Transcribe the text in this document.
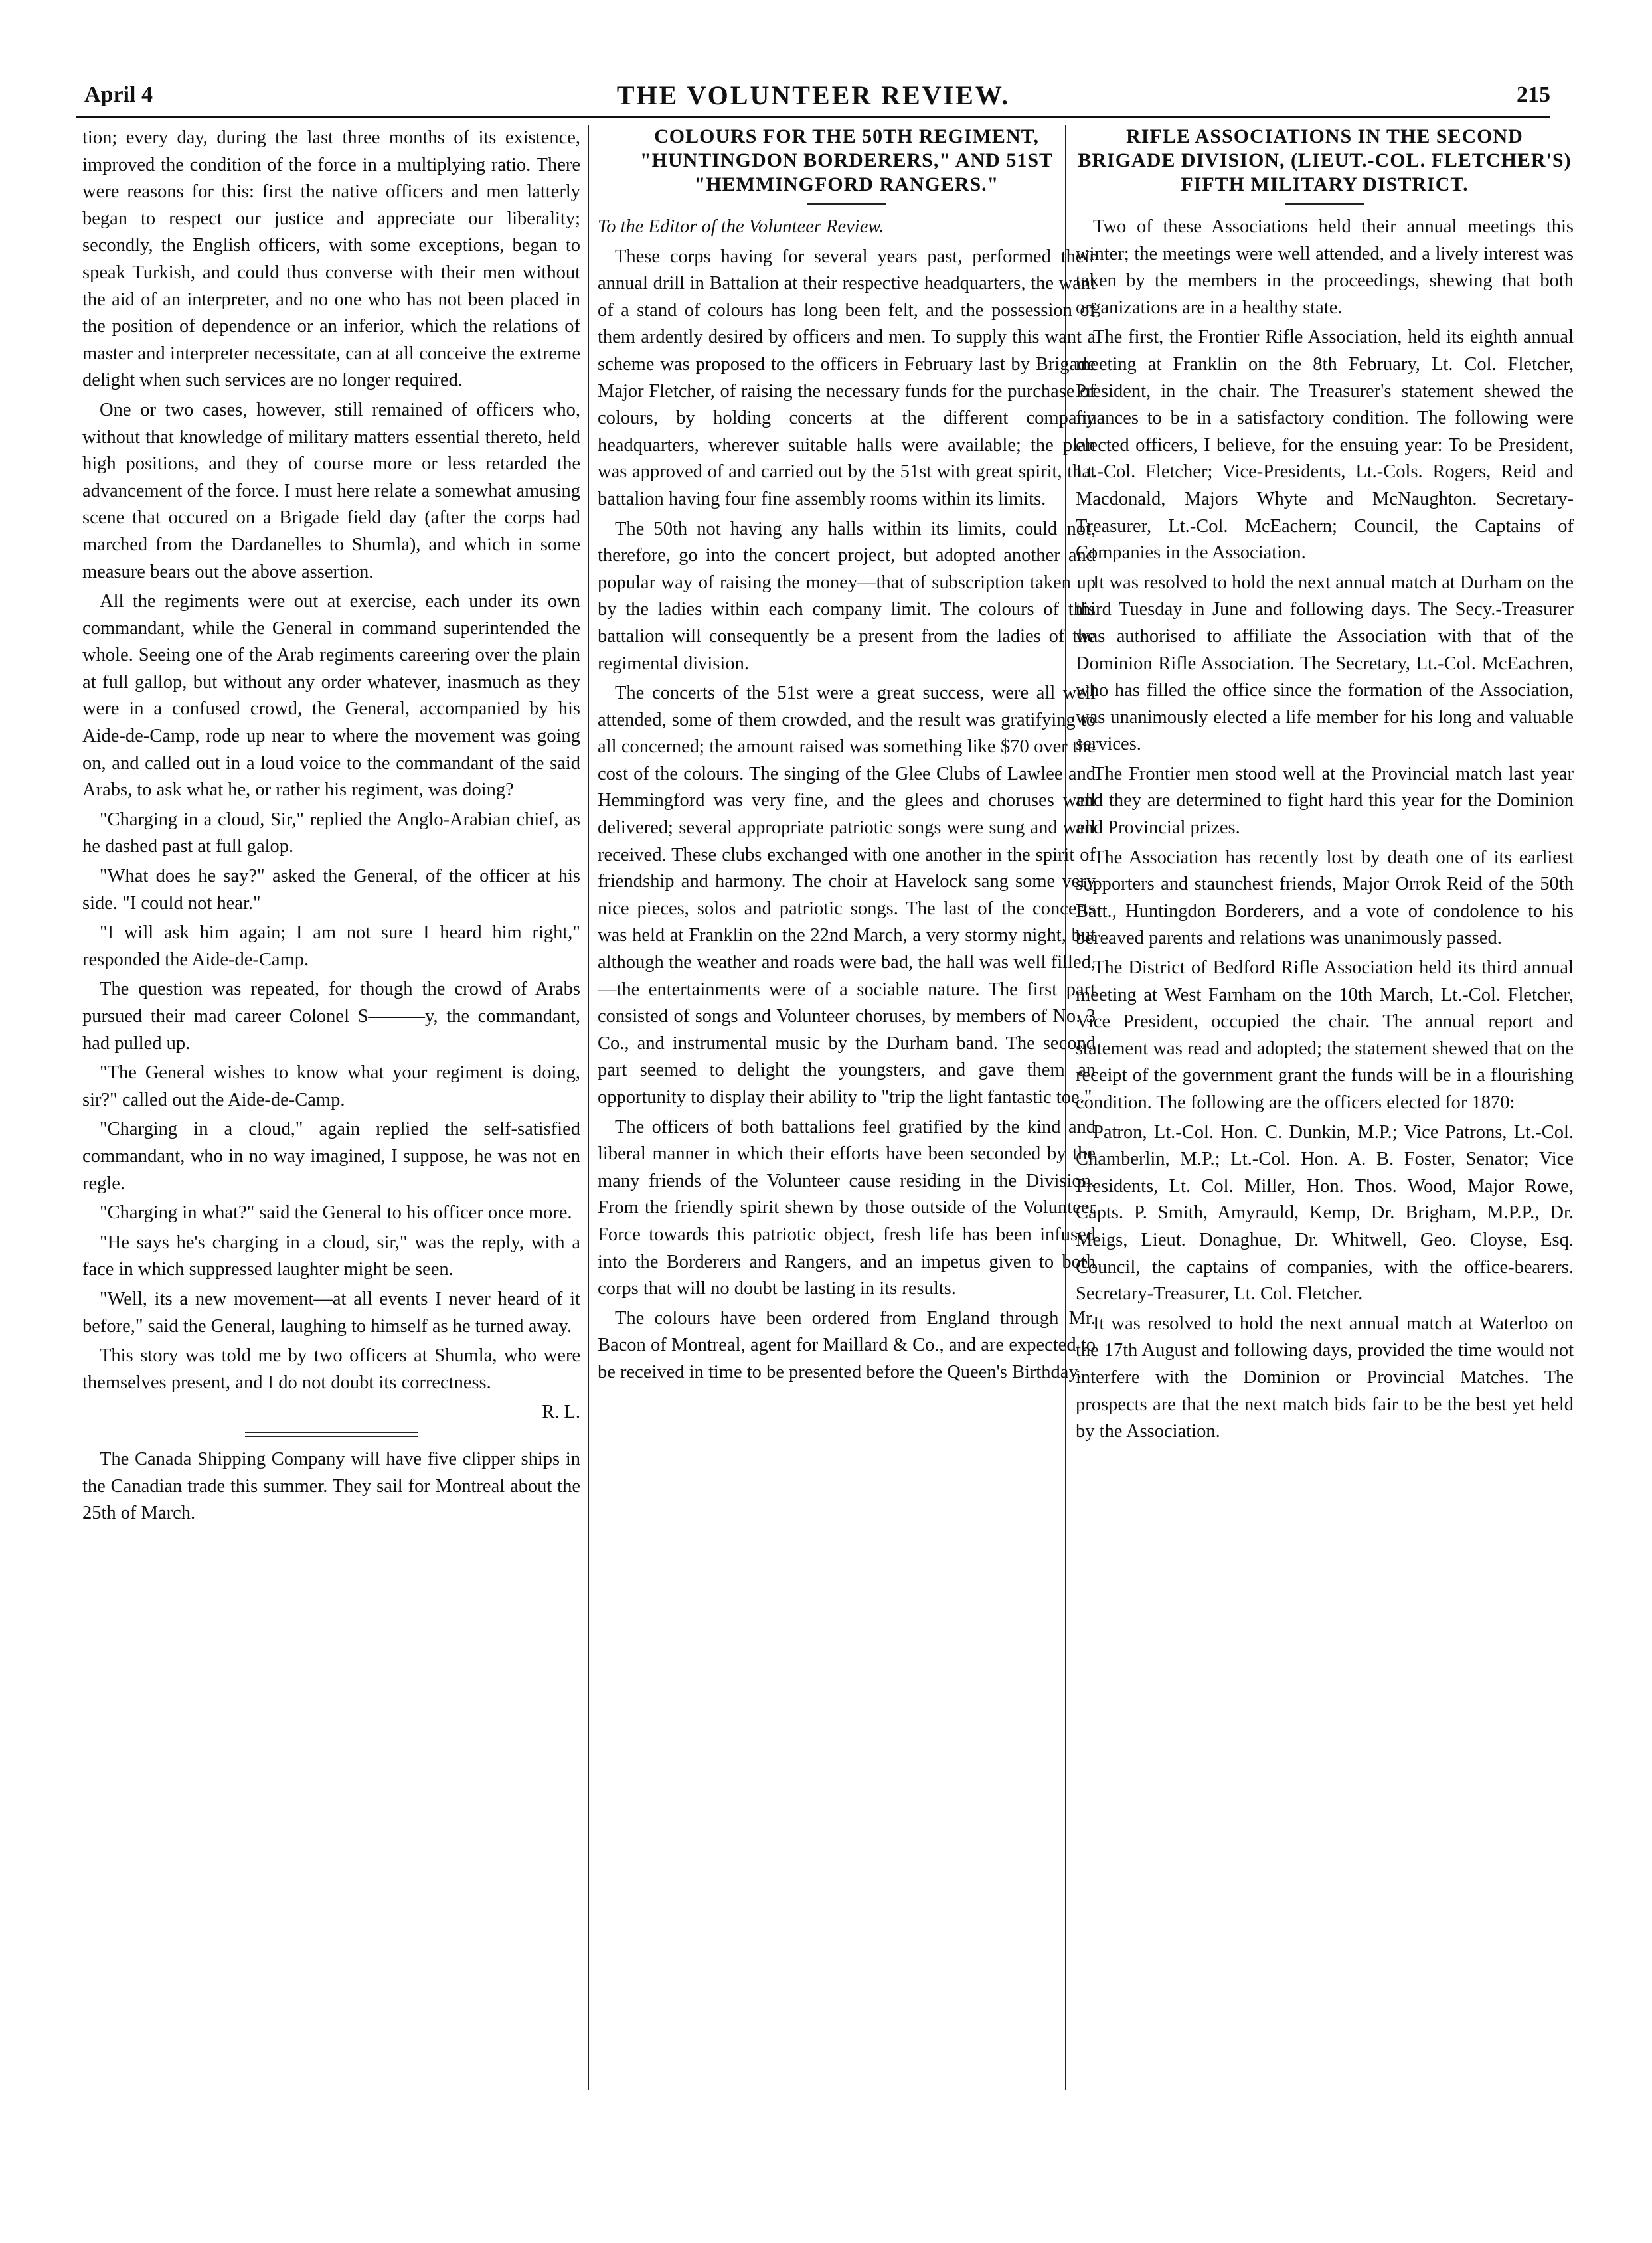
April 4	THE VOLUNTEER REVIEW.	215

tion; every day, during the last three months of its existence, improved the condition of the force in a multiplying ratio. There were reasons for this: first the native officers and men latterly began to respect our justice and appreciate our liberality; secondly, the English officers, with some exceptions, began to speak Turkish, and could thus converse with their men without the aid of an interpreter, and no one who has not been placed in the position of dependence or an inferior, which the relations of master and interpreter necessitate, can at all conceive the extreme delight when such services are no longer required.

One or two cases, however, still remained of officers who, without that knowledge of military matters essential thereto, held high positions, and they of course more or less retarded the advancement of the force. I must here relate a somewhat amusing scene that occured on a Brigade field day (after the corps had marched from the Dardanelles to Shumla), and which in some measure bears out the above assertion.

All the regiments were out at exercise, each under its own commandant, while the General in command superintended the whole. Seeing one of the Arab regiments careering over the plain at full gallop, but without any order whatever, inasmuch as they were in a confused crowd, the General, accompanied by his Aide-de-Camp, rode up near to where the movement was going on, and called out in a loud voice to the commandant of the said Arabs, to ask what he, or rather his regiment, was doing?

"Charging in a cloud, Sir," replied the Anglo-Arabian chief, as he dashed past at full galop.

"What does he say?" asked the General, of the officer at his side. "I could not hear."

"I will ask him again; I am not sure I heard him right," responded the Aide-de-Camp.

The question was repeated, for though the crowd of Arabs pursued their mad career Colonel S———y, the commandant, had pulled up.

"The General wishes to know what your regiment is doing, sir?" called out the Aide-de-Camp.

"Charging in a cloud," again replied the self-satisfied commandant, who in no way imagined, I suppose, he was not en regle.

"Charging in what?" said the General to his officer once more.

"He says he's charging in a cloud, sir," was the reply, with a face in which suppressed laughter might be seen.

"Well, its a new movement—at all events I never heard of it before," said the General, laughing to himself as he turned away.

This story was told me by two officers at Shumla, who were themselves present, and I do not doubt its correctness.

R. L.

The Canada Shipping Company will have five clipper ships in the Canadian trade this summer. They sail for Montreal about the 25th of March.

COLOURS FOR THE 50TH REGIMENT, "HUNTINGDON BORDERERS," AND 51ST "HEMMINGFORD RANGERS."

To the Editor of the Volunteer Review.

These corps having for several years past, performed their annual drill in Battalion at their respective headquarters, the want of a stand of colours has long been felt, and the possession of them ardently desired by officers and men. To supply this want a scheme was proposed to the officers in February last by Brigade Major Fletcher, of raising the necessary funds for the purchase of colours, by holding concerts at the different company headquarters, wherever suitable halls were available; the plan was approved of and carried out by the 51st with great spirit, that battalion having four fine assembly rooms within its limits.

The 50th not having any halls within its limits, could not, therefore, go into the concert project, but adopted another and popular way of raising the money—that of subscription taken up by the ladies within each company limit. The colours of this battalion will consequently be a present from the ladies of the regimental division.

The concerts of the 51st were a great success, were all well attended, some of them crowded, and the result was gratifying to all concerned; the amount raised was something like $70 over the cost of the colours. The singing of the Glee Clubs of Lawlee and Hemmingford was very fine, and the glees and choruses well delivered; several appropriate patriotic songs were sung and well received. These clubs exchanged with one another in the spirit of friendship and harmony. The choir at Havelock sang some very nice pieces, solos and patriotic songs. The last of the concerts was held at Franklin on the 22nd March, a very stormy night, but although the weather and roads were bad, the hall was well filled,—the entertainments were of a sociable nature. The first part consisted of songs and Volunteer choruses, by members of No. 3 Co., and instrumental music by the Durham band. The second part seemed to delight the youngsters, and gave them an opportunity to display their ability to "trip the light fantastic toe."

The officers of both battalions feel gratified by the kind and liberal manner in which their efforts have been seconded by the many friends of the Volunteer cause residing in the Division. From the friendly spirit shewn by those outside of the Volunteer Force towards this patriotic object, fresh life has been infused into the Borderers and Rangers, and an impetus given to both corps that will no doubt be lasting in its results.

The colours have been ordered from England through Mr. Bacon of Montreal, agent for Maillard & Co., and are expected to be received in time to be presented before the Queen's Birthday.

RIFLE ASSOCIATIONS IN THE SECOND BRIGADE DIVISION, (LIEUT.-COL. FLETCHER'S) FIFTH MILITARY DISTRICT.

Two of these Associations held their annual meetings this winter; the meetings were well attended, and a lively interest was taken by the members in the proceedings, shewing that both organizations are in a healthy state.

The first, the Frontier Rifle Association, held its eighth annual meeting at Franklin on the 8th February, Lt. Col. Fletcher, President, in the chair. The Treasurer's statement shewed the finances to be in a satisfactory condition. The following were elected officers, I believe, for the ensuing year: To be President, Lt.-Col. Fletcher; Vice-Presidents, Lt.-Cols. Rogers, Reid and Macdonald, Majors Whyte and McNaughton. Secretary-Treasurer, Lt.-Col. McEachern; Council, the Captains of Companies in the Association.

It was resolved to hold the next annual match at Durham on the third Tuesday in June and following days. The Secy.-Treasurer was authorised to affiliate the Association with that of the Dominion Rifle Association. The Secretary, Lt.-Col. McEachren, who has filled the office since the formation of the Association, was unanimously elected a life member for his long and valuable services.

The Frontier men stood well at the Provincial match last year and they are determined to fight hard this year for the Dominion and Provincial prizes.

The Association has recently lost by death one of its earliest supporters and staunchest friends, Major Orrok Reid of the 50th Batt., Huntingdon Borderers, and a vote of condolence to his bereaved parents and relations was unanimously passed.

The District of Bedford Rifle Association held its third annual meeting at West Farnham on the 10th March, Lt.-Col. Fletcher, Vice President, occupied the chair. The annual report and statement was read and adopted; the statement shewed that on the receipt of the government grant the funds will be in a flourishing condition. The following are the officers elected for 1870:

Patron, Lt.-Col. Hon. C. Dunkin, M.P.; Vice Patrons, Lt.-Col. Chamberlin, M.P.; Lt.-Col. Hon. A. B. Foster, Senator; Vice Presidents, Lt. Col. Miller, Hon. Thos. Wood, Major Rowe, Capts. P. Smith, Amyrauld, Kemp, Dr. Brigham, M.P.P., Dr. Meigs, Lieut. Donaghue, Dr. Whitwell, Geo. Cloyse, Esq. Council, the captains of companies, with the office-bearers. Secretary-Treasurer, Lt. Col. Fletcher.

It was resolved to hold the next annual match at Waterloo on the 17th August and following days, provided the time would not interfere with the Dominion or Provincial Matches. The prospects are that the next match bids fair to be the best yet held by the Association.
